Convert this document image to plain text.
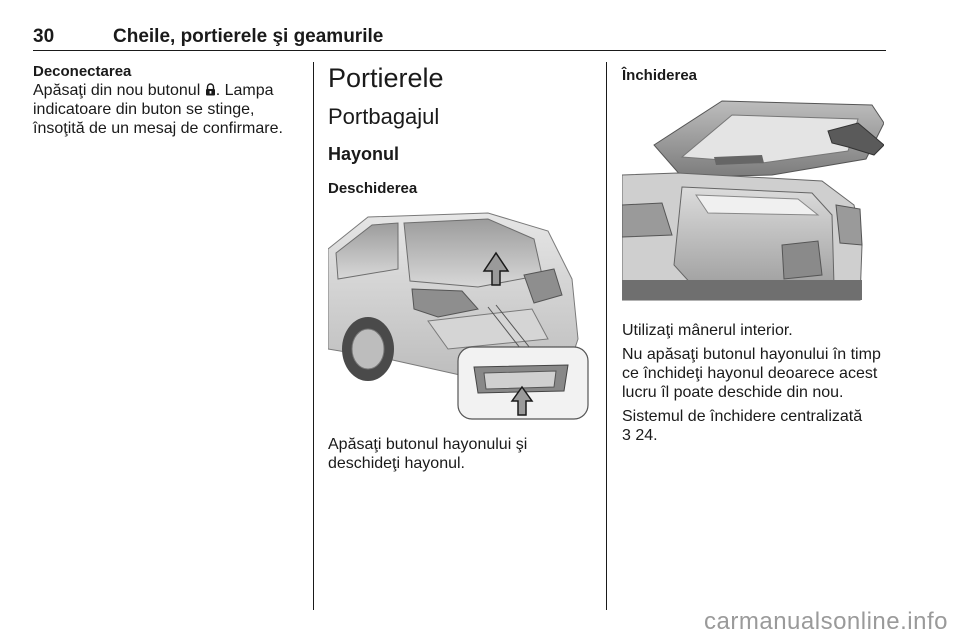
30	Cheile, portierele şi geamurile
Deconectarea

Apăsaţi din nou butonul . Lampa indicatoare din buton se stinge, însoţită de un mesaj de confirmare.

Portierele
Portbagajul
Hayonul
Deschiderea

Apăsaţi butonul hayonului şi deschideţi hayonul.

Închiderea

Utilizaţi mânerul interior.

Nu apăsaţi butonul hayonului în timp ce închideţi hayonul deoarece acest lucru îl poate deschide din nou.

Sistemul de închidere centralizată
3 24.

carmanualsonline.info
